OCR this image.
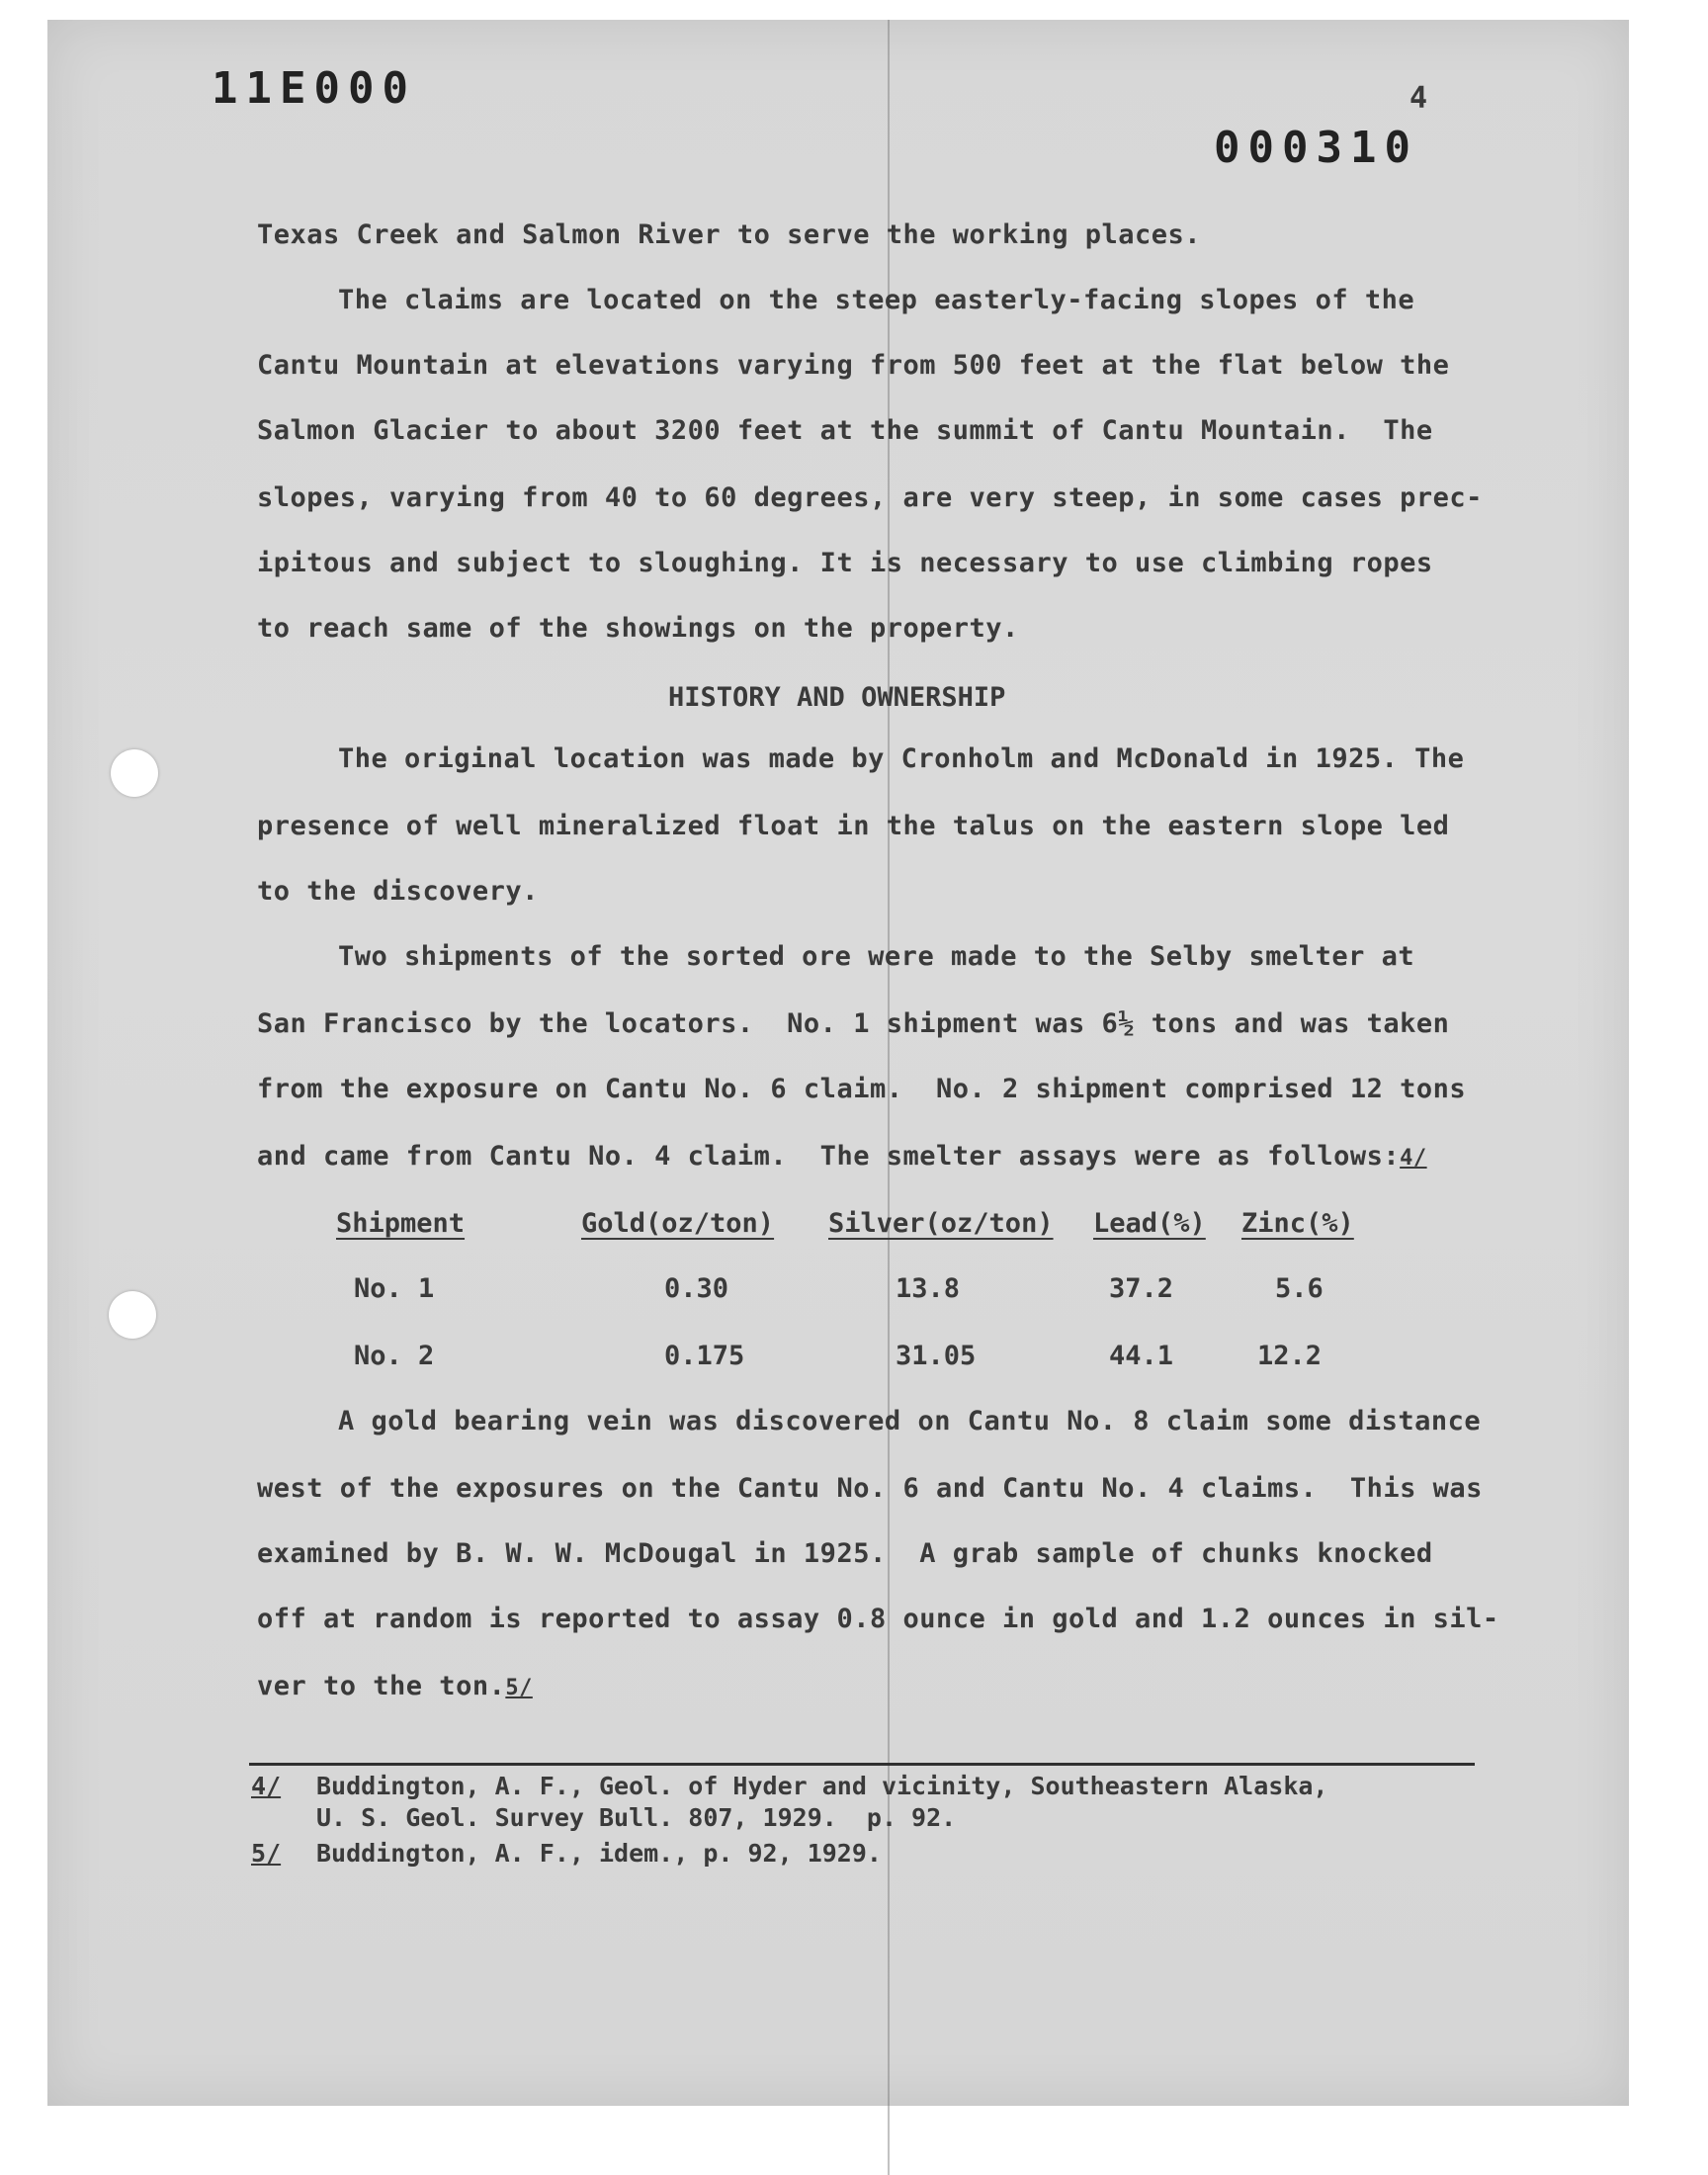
11E000	4
000310
Texas Creek and Salmon River to serve the working places.
The claims are located on the steep easterly-facing slopes of the
Cantu Mountain at elevations varying from 500 feet at the flat below the
Salmon Glacier to about 3200 feet at the summit of Cantu Mountain.  The
slopes, varying from 40 to 60 degrees, are very steep, in some cases prec-
ipitous and subject to sloughing. It is necessary to use climbing ropes
to reach same of the showings on the property.
HISTORY AND OWNERSHIP
The original location was made by Cronholm and McDonald in 1925. The
presence of well mineralized float in the talus on the eastern slope led
to the discovery.
Two shipments of the sorted ore were made to the Selby smelter at
San Francisco by the locators.  No. 1 shipment was 6½ tons and was taken
from the exposure on Cantu No. 6 claim.  No. 2 shipment comprised 12 tons
and came from Cantu No. 4 claim.  The smelter assays were as follows:4/
Shipment	Gold(oz/ton) Silver(oz/ton) Lead(%) Zinc(%)
No. 1	0.30	13.8	37.2	5.6
No. 2	0.175	31.05	44.1	12.2
A gold bearing vein was discovered on Cantu No. 8 claim some distance
west of the exposures on the Cantu No. 6 and Cantu No. 4 claims.  This was
examined by B. W. W. McDougal in 1925.  A grab sample of chunks knocked
off at random is reported to assay 0.8 ounce in gold and 1.2 ounces in sil-
ver to the ton.5/
4/ Buddington, A. F., Geol. of Hyder and vicinity, Southeastern Alaska,
U. S. Geol. Survey Bull. 807, 1929.  p. 92.
5/ Buddington, A. F., idem., p. 92, 1929.
